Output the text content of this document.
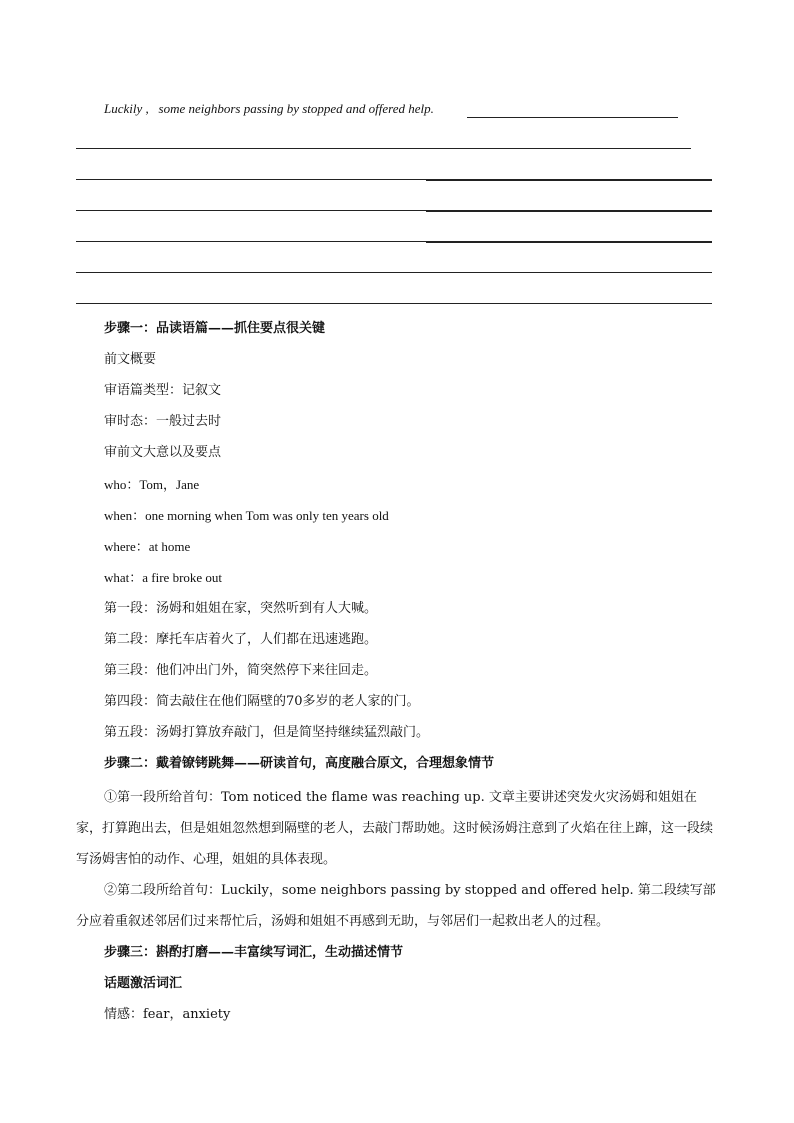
Luckily ,   some neighbors passing by stopped and offered help.
步骤一：品读语篇——抓住要点很关键
前文概要
审语篇类型：记叙文
审时态：一般过去时
审前文大意以及要点
who：Tom，Jane
when：one morning when Tom was only ten years old
where：at home
what：a fire broke out
第一段：汤姆和姐姐在家，突然听到有人大喊。
第二段：摩托车店着火了，人们都在迅速逃跑。
第三段：他们冲出门外，简突然停下来往回走。
第四段：简去敲住在他们隔壁的70多岁的老人家的门。
第五段：汤姆打算放弃敲门，但是简坚持继续猛烈敲门。
步骤二：戴着镣铐跳舞——研读首句，高度融合原文，合理想象情节
①第一段所给首句：Tom noticed the flame was reaching up. 文章主要讲述突发火灾汤姆和姐姐在家，打算跑出去，但是姐姐忽然想到隔壁的老人，去敲门帮助她。这时候汤姆注意到了火焰在往上蹿，这一段续写汤姆害怕的动作、心理，姐姐的具体表现。
②第二段所给首句：Luckily，some neighbors passing by stopped and offered help. 第二段续写部分应着重叙述邻居们过来帮忙后，汤姆和姐姐不再感到无助，与邻居们一起救出老人的过程。
步骤三：斟酌打磨——丰富续写词汇，生动描述情节
话题激活词汇
情感：fear，anxiety
